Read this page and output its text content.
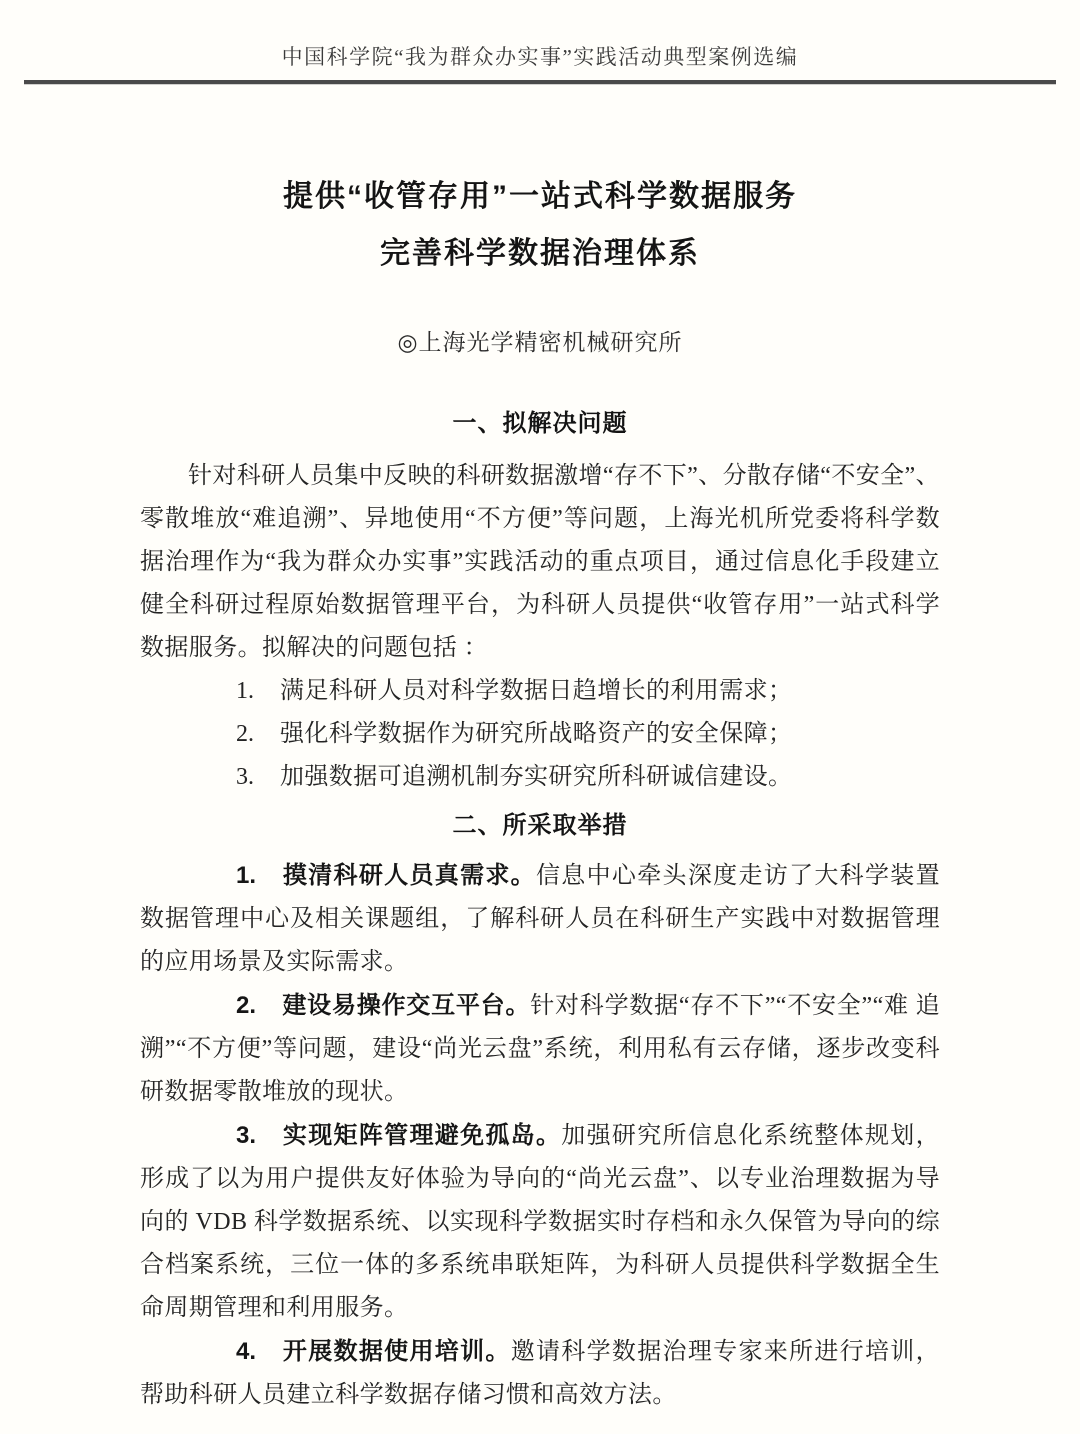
中国科学院“我为群众办实事”实践活动典型案例选编
提供“收管存用”一站式科学数据服务
完善科学数据治理体系
◎上海光学精密机械研究所
一、拟解决问题

针对科研人员集中反映的科研数据激增“存不下”、分散存储“不安全”、零散堆放“难追溯”、异地使用“不方便”等问题，上海光机所党委将科学数据治理作为“我为群众办实事”实践活动的重点项目，通过信息化手段建立健全科研过程原始数据管理平台，为科研人员提供“收管存用”一站式科学数据服务。拟解决的问题包括 ：

1. 满足科研人员对科学数据日趋增长的利用需求；

2. 强化科学数据作为研究所战略资产的安全保障；

3. 加强数据可追溯机制夯实研究所科研诚信建设。

二、所采取举措

1. 摸清科研人员真需求。信息中心牵头深度走访了大科学装置 数据管理中心及相关课题组，了解科研人员在科研生产实践中对数据管理的应用场景及实际需求。

2. 建设易操作交互平台。针对科学数据“存不下”“不安全”“难 追溯”“不方便”等问题，建设“尚光云盘”系统，利用私有云存储，逐步改变科研数据零散堆放的现状。

3. 实现矩阵管理避免孤岛。加强研究所信息化系统整体规划， 形成了以为用户提供友好体验为导向的“尚光云盘”、以专业治理数据为导向的 VDB 科学数据系统、以实现科学数据实时存档和永久保管为导向的综合档案系统，三位一体的多系统串联矩阵，为科研人员提供科学数据全生命周期管理和利用服务。

4. 开展数据使用培训。邀请科学数据治理专家来所进行培训， 帮助科研人员建立科学数据存储习惯和高效方法。
